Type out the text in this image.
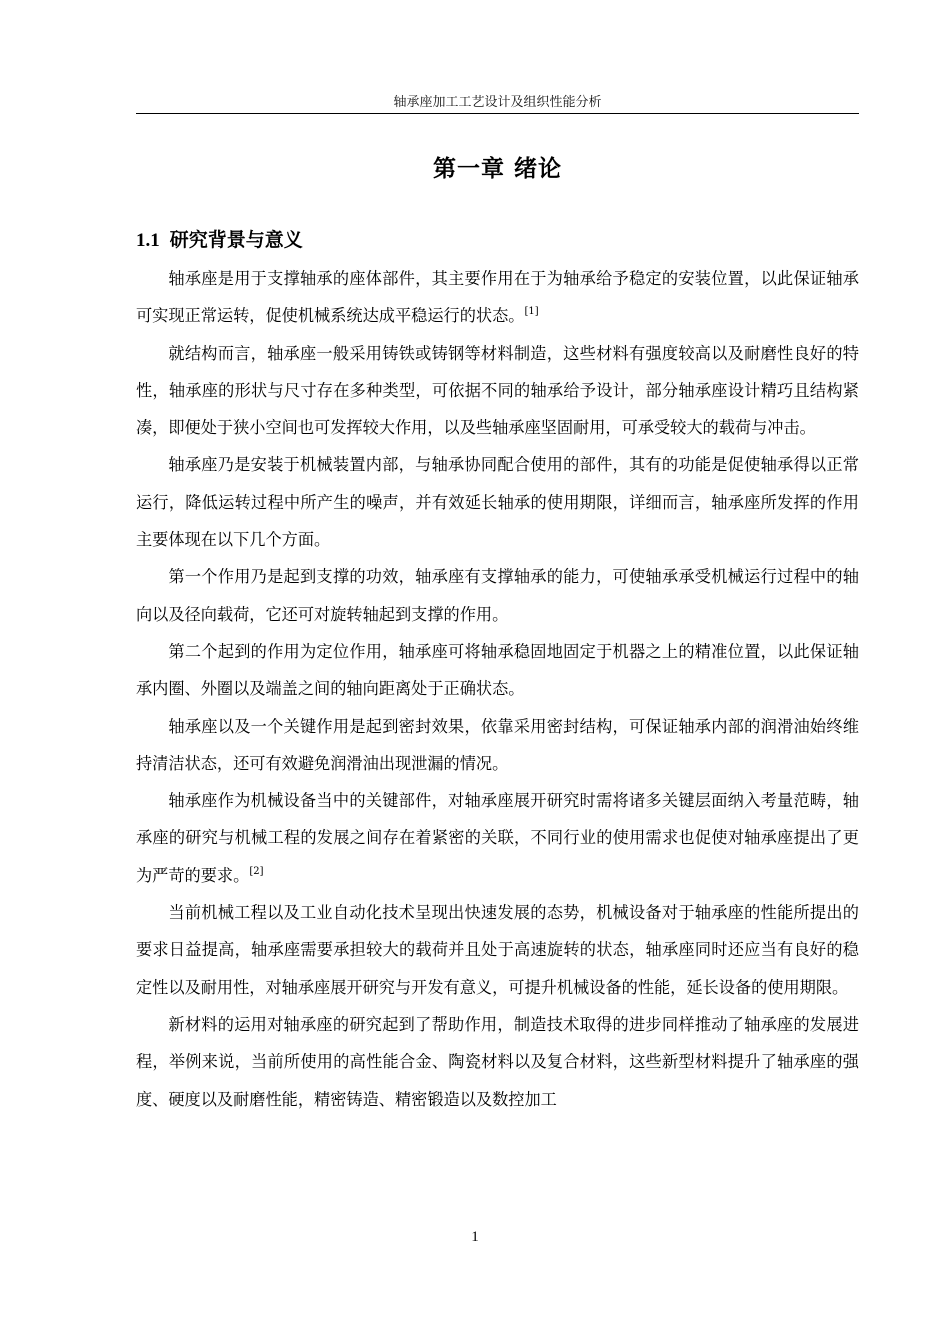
轴承座加工工艺设计及组织性能分析
第一章 绪论
1.1 研究背景与意义

轴承座是用于支撑轴承的座体部件，其主要作用在于为轴承给予稳定的安装位置，以此保证轴承可实现正常运转，促使机械系统达成平稳运行的状态。[1]

就结构而言，轴承座一般采用铸铁或铸钢等材料制造，这些材料有强度较高以及耐磨性良好的特性，轴承座的形状与尺寸存在多种类型，可依据不同的轴承给予设计，部分轴承座设计精巧且结构紧凑，即便处于狭小空间也可发挥较大作用，以及些轴承座坚固耐用，可承受较大的载荷与冲击。

轴承座乃是安装于机械装置内部，与轴承协同配合使用的部件，其有的功能是促使轴承得以正常运行，降低运转过程中所产生的噪声，并有效延长轴承的使用期限，详细而言，轴承座所发挥的作用主要体现在以下几个方面。

第一个作用乃是起到支撑的功效，轴承座有支撑轴承的能力，可使轴承承受机械运行过程中的轴向以及径向载荷，它还可对旋转轴起到支撑的作用。

第二个起到的作用为定位作用，轴承座可将轴承稳固地固定于机器之上的精准位置，以此保证轴承内圈、外圈以及端盖之间的轴向距离处于正确状态。

轴承座以及一个关键作用是起到密封效果，依靠采用密封结构，可保证轴承内部的润滑油始终维持清洁状态，还可有效避免润滑油出现泄漏的情况。

轴承座作为机械设备当中的关键部件，对轴承座展开研究时需将诸多关键层面纳入考量范畴，轴承座的研究与机械工程的发展之间存在着紧密的关联，不同行业的使用需求也促使对轴承座提出了更为严苛的要求。[2]

当前机械工程以及工业自动化技术呈现出快速发展的态势，机械设备对于轴承座的性能所提出的要求日益提高，轴承座需要承担较大的载荷并且处于高速旋转的状态，轴承座同时还应当有良好的稳定性以及耐用性，对轴承座展开研究与开发有意义，可提升机械设备的性能，延长设备的使用期限。

新材料的运用对轴承座的研究起到了帮助作用，制造技术取得的进步同样推动了轴承座的发展进程，举例来说，当前所使用的高性能合金、陶瓷材料以及复合材料，这些新型材料提升了轴承座的强度、硬度以及耐磨性能，精密铸造、精密锻造以及数控加工

1
